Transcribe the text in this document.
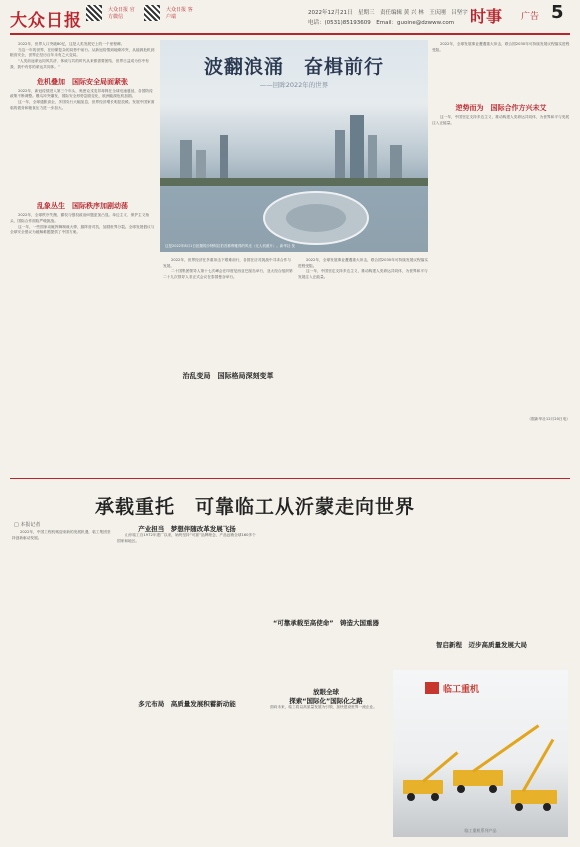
大众日报
大众日报 官方微信
大众日报 客户端
2022年12月21日　星期三　责任编辑 黄 兴 林　王庆刚　吕坚宇
电话：(0531)85193609　Email：guoine@dzwww.com 时事 广告 5

2022年，世界人口突破80亿，这是人类发展史上的一个里程碑。

当这一年的世界，在纷繁复杂的局势中前行。从新冠疫情到地缘冲突，从能源危机到粮食安全，世界正经历百年未有之大变局。

“人类前途命运同风共济、休戚与共的时代从来都需要团结，世界日益成为你中有我、我中有你的命运共同体。”

危机叠加　国际安全局面紧张

2022年，新冠疫情进入第三个年头，奥密克戎变异毒株在全球迅速蔓延，各国防疫政策不断调整。俄乌冲突爆发，国际安全形势急剧变化，欧洲能源危机加剧。

这一年，全球通胀高企，多国央行大幅加息，世界经济增长明显放缓。发展中国家面临的债务和粮食压力进一步加大。

乱象丛生　国际秩序加剧动荡

2022年，全球秩序失衡，霸权与强权政治问题更加凸显。单边主义、保护主义抬头，国际合作面临严峻挑战。

这一年，一些国家动辄挥舞制裁大棒，搞阵营对抗，加剧世界分裂。全球发展倡议与全球安全倡议为破解难题提供了中国方案。

波翻浪涌　奋楫前行
——回眸2022年的世界
这是2022年8月1日拍摄的沙特阿拉伯首都利雅得的风光（无人机照片）。新华社 发

2022年，世界经济在多重冲击下艰难前行，各国在应对挑战中寻求合作与发展。

二十国集团领导人第十七次峰会在印度尼西亚巴厘岛举行，亚太经合组织第二十九次领导人非正式会议在泰国曼谷举行。

治乱变局　国际格局深刻变革

2022年，全球发展事业遭遇重大冲击，联合国2030年可持续发展议程落实进程受阻。

这一年，中国坚定支持多边主义，推动构建人类命运共同体，为世界和平与发展注入正能量。

2022年，全球发展事业遭遇重大冲击，联合国2030年可持续发展议程落实进程受阻。

逆势而为　国际合作方兴未艾

这一年，中国坚定支持多边主义，推动构建人类命运共同体，为世界和平与发展注入正能量。

（据新华社12月20日电）

承载重托　可靠临工从沂蒙走向世界
□ 本报记者

2022年，中国工程机械迎来新的发展机遇，临工集团坚持创新驱动发展。

产业担当　梦想伴随改革发展飞扬

山东临工自1972年建厂以来，始终坚持“可靠”品牌理念，产品远销全球160多个国家和地区。

多元布局　高质量发展积蓄新动能
“可靠承载至高使命”　铸造大国重器
放眼全球
探索“国际化”国际化之路

面向未来，临工将以高质量发展为引领，加快建设世界一流企业。

智启新程　迈步高质量发展大局
临工重机
临工重机系列产品
